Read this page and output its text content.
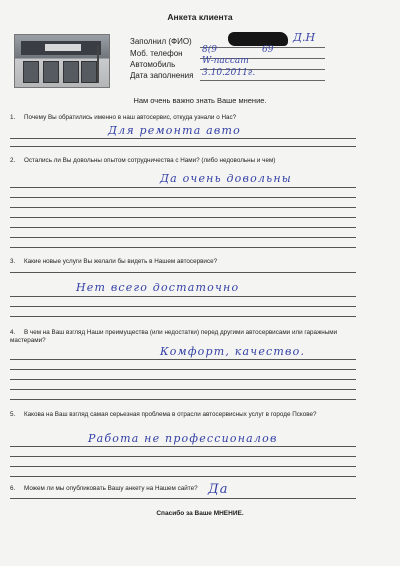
Анкета клиента
Заполнил (ФИО)	Д.Н
Моб. телефон 8(9	69
Автомобиль	W-пассат
Дата заполнения 3.10.2011г.
Нам очень важно знать Ваше мнение.
1. Почему Вы обратились именно в наш автосервис, откуда узнали о Нас?
Для ремонта авто
2. Остались ли Вы довольны опытом сотрудничества с Нами? (либо недовольны и чем)
Да очень довольны
3. Какие новые услуги Вы желали бы видеть в Нашем автосервисе?
Нет всего достаточно
4. В чем на Ваш взгляд Наши преимущества (или недостатки) перед другими автосервисами или гаражными мастерами?
Комфорт, качество.
5. Какова на Ваш взгляд самая серьезная проблема в отрасли автосервисных услуг в городе Пскове?
Работа не профессионалов
6. Можем ли мы опубликовать Вашу анкету на Нашем сайте? Да
Спасибо за Ваше МНЕНИЕ.
